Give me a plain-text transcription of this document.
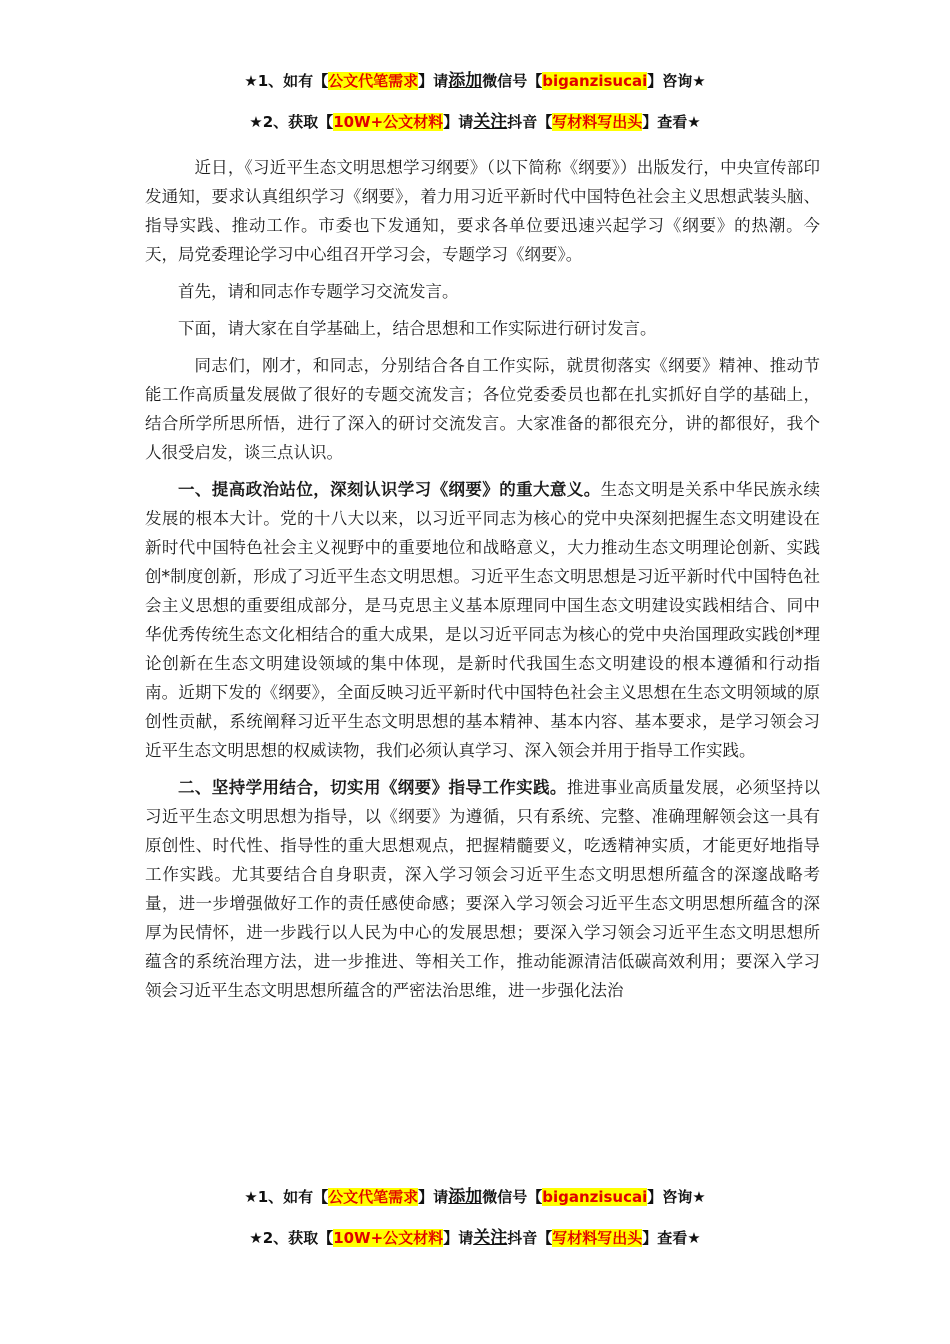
★1、如有【公文代笔需求】请添加微信号【biganzisucai】咨询★
★2、获取【10W+公文材料】请关注抖音【写材料写出头】查看★

近日，《习近平生态文明思想学习纲要》（以下简称《纲要》）出版发行，中央宣传部印发通知，要求认真组织学习《纲要》，着力用习近平新时代中国特色社会主义思想武装头脑、指导实践、推动工作。市委也下发通知，要求各单位要迅速兴起学习《纲要》的热潮。今天，局党委理论学习中心组召开学习会，专题学习《纲要》。

首先，请和同志作专题学习交流发言。

下面，请大家在自学基础上，结合思想和工作实际进行研讨发言。

同志们，刚才，和同志，分别结合各自工作实际，就贯彻落实《纲要》精神、推动节能工作高质量发展做了很好的专题交流发言；各位党委委员也都在扎实抓好自学的基础上，结合所学所思所悟，进行了深入的研讨交流发言。大家准备的都很充分，讲的都很好，我个人很受启发，谈三点认识。

一、提高政治站位，深刻认识学习《纲要》的重大意义。生态文明是关系中华民族永续发展的根本大计。党的十八大以来，以习近平同志为核心的党中央深刻把握生态文明建设在新时代中国特色社会主义视野中的重要地位和战略意义，大力推动生态文明理论创新、实践创*制度创新，形成了习近平生态文明思想。习近平生态文明思想是习近平新时代中国特色社会主义思想的重要组成部分，是马克思主义基本原理同中国生态文明建设实践相结合、同中华优秀传统生态文化相结合的重大成果，是以习近平同志为核心的党中央治国理政实践创*理论创新在生态文明建设领域的集中体现，是新时代我国生态文明建设的根本遵循和行动指南。近期下发的《纲要》，全面反映习近平新时代中国特色社会主义思想在生态文明领域的原创性贡献，系统阐释习近平生态文明思想的基本精神、基本内容、基本要求，是学习领会习近平生态文明思想的权威读物，我们必须认真学习、深入领会并用于指导工作实践。

二、坚持学用结合，切实用《纲要》指导工作实践。推进事业高质量发展，必须坚持以习近平生态文明思想为指导，以《纲要》为遵循，只有系统、完整、准确理解领会这一具有原创性、时代性、指导性的重大思想观点，把握精髓要义，吃透精神实质，才能更好地指导工作实践。尤其要结合自身职责，深入学习领会习近平生态文明思想所蕴含的深邃战略考量，进一步增强做好工作的责任感使命感；要深入学习领会习近平生态文明思想所蕴含的深厚为民情怀，进一步践行以人民为中心的发展思想；要深入学习领会习近平生态文明思想所蕴含的系统治理方法，进一步推进、等相关工作，推动能源清洁低碳高效利用；要深入学习领会习近平生态文明思想所蕴含的严密法治思维，进一步强化法治

★1、如有【公文代笔需求】请添加微信号【biganzisucai】咨询★
★2、获取【10W+公文材料】请关注抖音【写材料写出头】查看★
